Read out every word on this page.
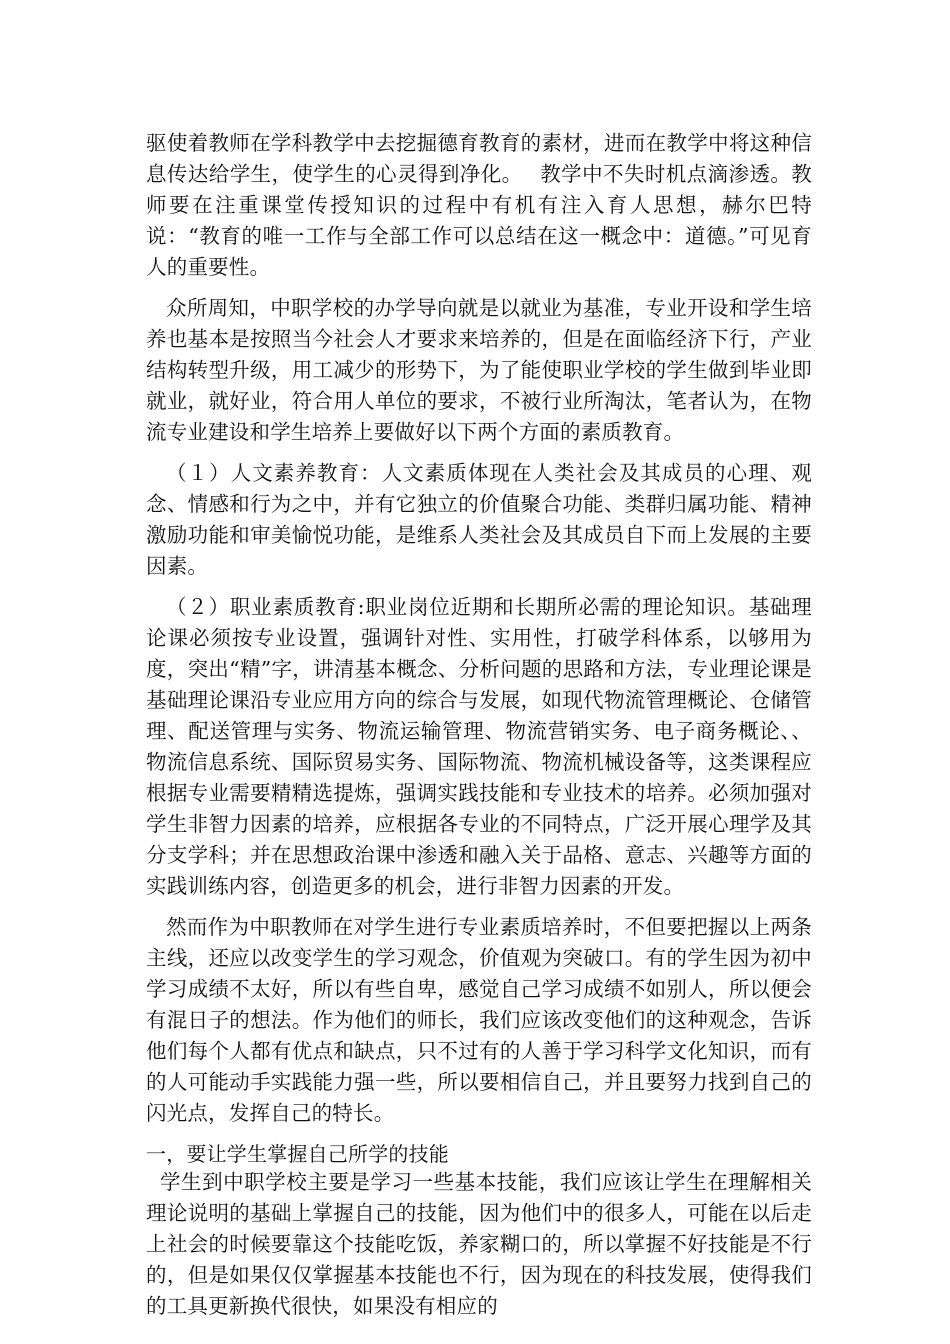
驱使着教师在学科教学中去挖掘德育教育的素材，进而在教学中将这种信息传达给学生，使学生的心灵得到净化。　 教学中不失时机点滴渗透。教师要在注重课堂传授知识的过程中有机有注入育人思想，赫尔巴特说：“教育的唯一工作与全部工作可以总结在这一概念中：道德。”可见育人的重要性。

众所周知，中职学校的办学导向就是以就业为基准，专业开设和学生培养也基本是按照当今社会人才要求来培养的，但是在面临经济下行，产业结构转型升级，用工减少的形势下，为了能使职业学校的学生做到毕业即就业，就好业，符合用人单位的要求，不被行业所淘汰，笔者认为，在物流专业建设和学生培养上要做好以下两个方面的素质教育。

（１）人文素养教育：人文素质体现在人类社会及其成员的心理、观念、情感和行为之中，并有它独立的价值聚合功能、类群归属功能、精神激励功能和审美愉悦功能，是维系人类社会及其成员自下而上发展的主要因素。

（２）职业素质教育:职业岗位近期和长期所必需的理论知识。基础理论课必须按专业设置，强调针对性、实用性，打破学科体系，以够用为度，突出“精”字，讲清基本概念、分析问题的思路和方法，专业理论课是基础理论课沿专业应用方向的综合与发展，如现代物流管理概论、仓储管理、配送管理与实务、物流运输管理、物流营销实务、电子商务概论、、物流信息系统、国际贸易实务、国际物流、物流机械设备等，这类课程应根据专业需要精精选提炼，强调实践技能和专业技术的培养。必须加强对学生非智力因素的培养，应根据各专业的不同特点，广泛开展心理学及其分支学科；并在思想政治课中渗透和融入关于品格、意志、兴趣等方面的实践训练内容，创造更多的机会，进行非智力因素的开发。

然而作为中职教师在对学生进行专业素质培养时，不但要把握以上两条主线，还应以改变学生的学习观念，价值观为突破口。有的学生因为初中学习成绩不太好，所以有些自卑，感觉自己学习成绩不如别人，所以便会有混日子的想法。作为他们的师长，我们应该改变他们的这种观念，告诉他们每个人都有优点和缺点，只不过有的人善于学习科学文化知识，而有的人可能动手实践能力强一些，所以要相信自己，并且要努力找到自己的闪光点，发挥自己的特长。

一，要让学生掌握自己所学的技能

学生到中职学校主要是学习一些基本技能，我们应该让学生在理解相关理论说明的基础上掌握自己的技能，因为他们中的很多人，可能在以后走上社会的时候要靠这个技能吃饭，养家糊口的，所以掌握不好技能是不行的，但是如果仅仅掌握基本技能也不行，因为现在的科技发展，使得我们的工具更新换代很快，如果没有相应的
